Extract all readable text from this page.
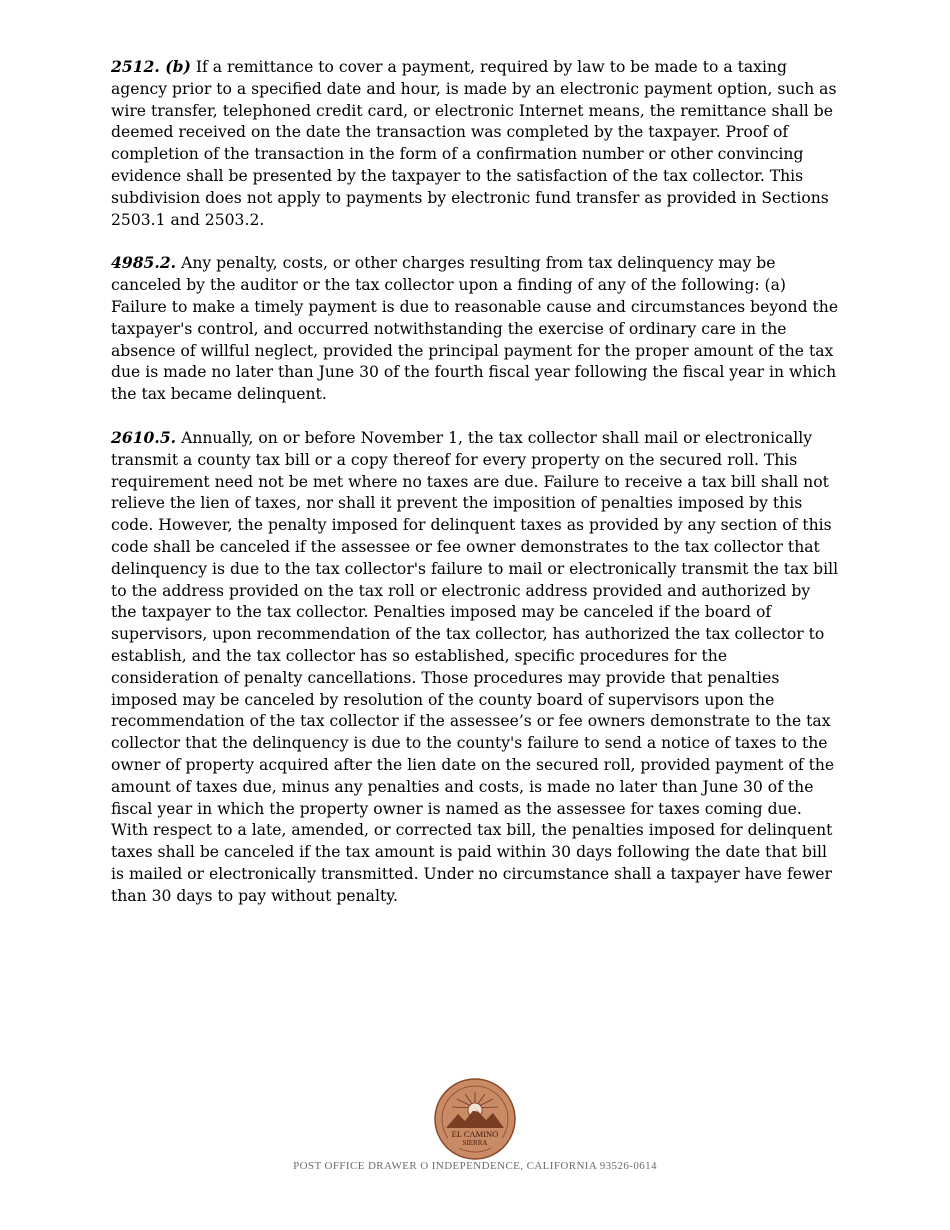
2512. (b) If a remittance to cover a payment, required by law to be made to a taxing agency prior to a specified date and hour, is made by an electronic payment option, such as wire transfer, telephoned credit card, or electronic Internet means, the remittance shall be deemed received on the date the transaction was completed by the taxpayer. Proof of completion of the transaction in the form of a confirmation number or other convincing evidence shall be presented by the taxpayer to the satisfaction of the tax collector. This subdivision does not apply to payments by electronic fund transfer as provided in Sections 2503.1 and 2503.2.

4985.2. Any penalty, costs, or other charges resulting from tax delinquency may be canceled by the auditor or the tax collector upon a finding of any of the following: (a) Failure to make a timely payment is due to reasonable cause and circumstances beyond the taxpayer's control, and occurred notwithstanding the exercise of ordinary care in the absence of willful neglect, provided the principal payment for the proper amount of the tax due is made no later than June 30 of the fourth fiscal year following the fiscal year in which the tax became delinquent.

2610.5. Annually, on or before November 1, the tax collector shall mail or electronically transmit a county tax bill or a copy thereof for every property on the secured roll. This requirement need not be met where no taxes are due. Failure to receive a tax bill shall not relieve the lien of taxes, nor shall it prevent the imposition of penalties imposed by this code. However, the penalty imposed for delinquent taxes as provided by any section of this code shall be canceled if the assessee or fee owner demonstrates to the tax collector that delinquency is due to the tax collector's failure to mail or electronically transmit the tax bill to the address provided on the tax roll or electronic address provided and authorized by the taxpayer to the tax collector. Penalties imposed may be canceled if the board of supervisors, upon recommendation of the tax collector, has authorized the tax collector to establish, and the tax collector has so established, specific procedures for the consideration of penalty cancellations. Those procedures may provide that penalties imposed may be canceled by resolution of the county board of supervisors upon the recommendation of the tax collector if the assessee’s or fee owners demonstrate to the tax collector that the delinquency is due to the county's failure to send a notice of taxes to the owner of property acquired after the lien date on the secured roll, provided payment of the amount of taxes due, minus any penalties and costs, is made no later than June 30 of the fiscal year in which the property owner is named as the assessee for taxes coming due. With respect to a late, amended, or corrected tax bill, the penalties imposed for delinquent taxes shall be canceled if the tax amount is paid within 30 days following the date that bill is mailed or electronically transmitted. Under no circumstance shall a taxpayer have fewer than 30 days to pay without penalty.

EL CAMINO
SIERRA
POST OFFICE DRAWER O INDEPENDENCE, CALIFORNIA 93526-0614
